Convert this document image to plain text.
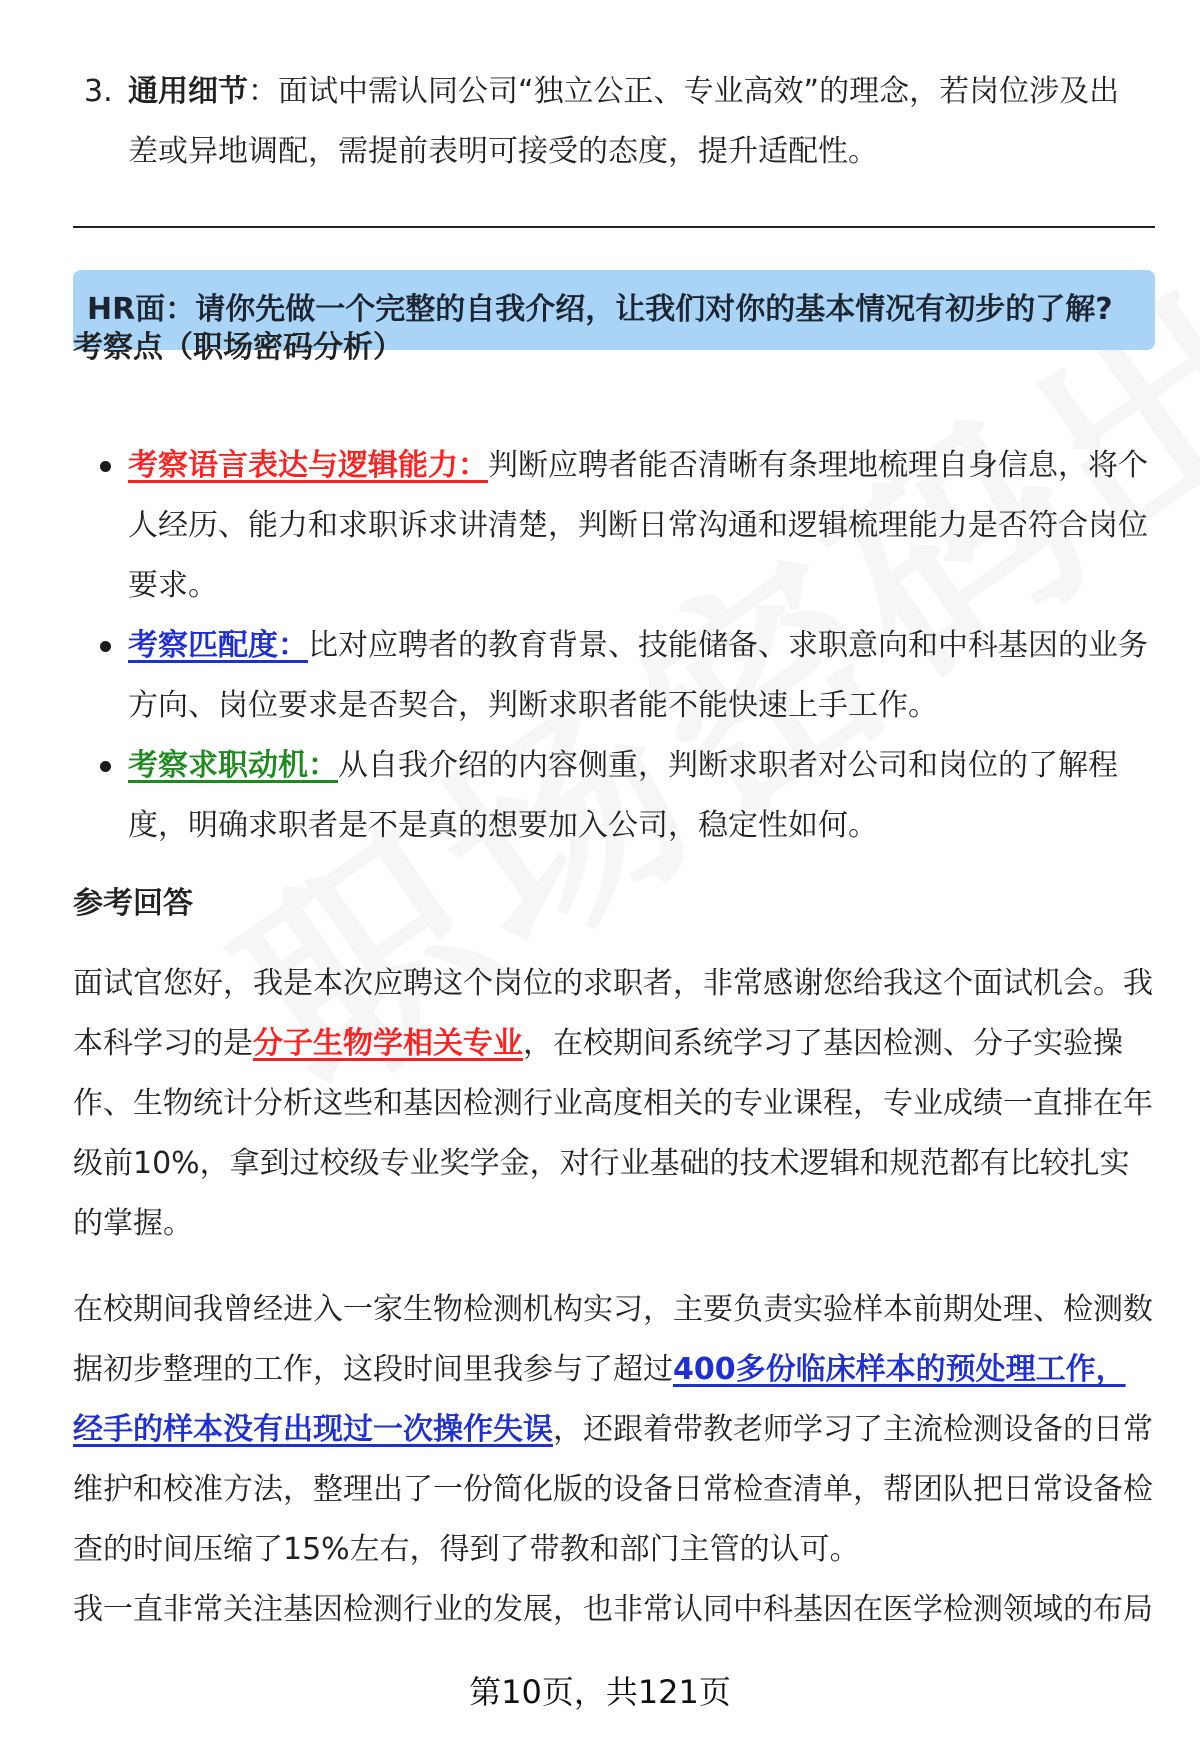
3. 通用细节：面试中需认同公司“独立公正、专业高效”的理念，若岗位涉及出差或异地调配，需提前表明可接受的态度，提升适配性。
HR面：请你先做一个完整的自我介绍，让我们对你的基本情况有初步的了解?
考察点（职场密码分析）
考察语言表达与逻辑能力：判断应聘者能否清晰有条理地梳理自身信息，将个人经历、能力和求职诉求讲清楚，判断日常沟通和逻辑梳理能力是否符合岗位要求。
考察匹配度：比对应聘者的教育背景、技能储备、求职意向和中科基因的业务方向、岗位要求是否契合，判断求职者能不能快速上手工作。
考察求职动机：从自我介绍的内容侧重，判断求职者对公司和岗位的了解程度，明确求职者是不是真的想要加入公司，稳定性如何。
参考回答

面试官您好，我是本次应聘这个岗位的求职者，非常感谢您给我这个面试机会。我本科学习的是分子生物学相关专业，在校期间系统学习了基因检测、分子实验操作、生物统计分析这些和基因检测行业高度相关的专业课程，专业成绩一直排在年级前10%，拿到过校级专业奖学金，对行业基础的技术逻辑和规范都有比较扎实的掌握。

在校期间我曾经进入一家生物检测机构实习，主要负责实验样本前期处理、检测数据初步整理的工作，这段时间里我参与了超过400多份临床样本的预处理工作，经手的样本没有出现过一次操作失误，还跟着带教老师学习了主流检测设备的日常维护和校准方法，整理出了一份简化版的设备日常检查清单，帮团队把日常设备检查的时间压缩了15%左右，得到了带教和部门主管的认可。

我一直非常关注基因检测行业的发展，也非常认同中科基因在医学检测领域的布局

第10页，共121页
